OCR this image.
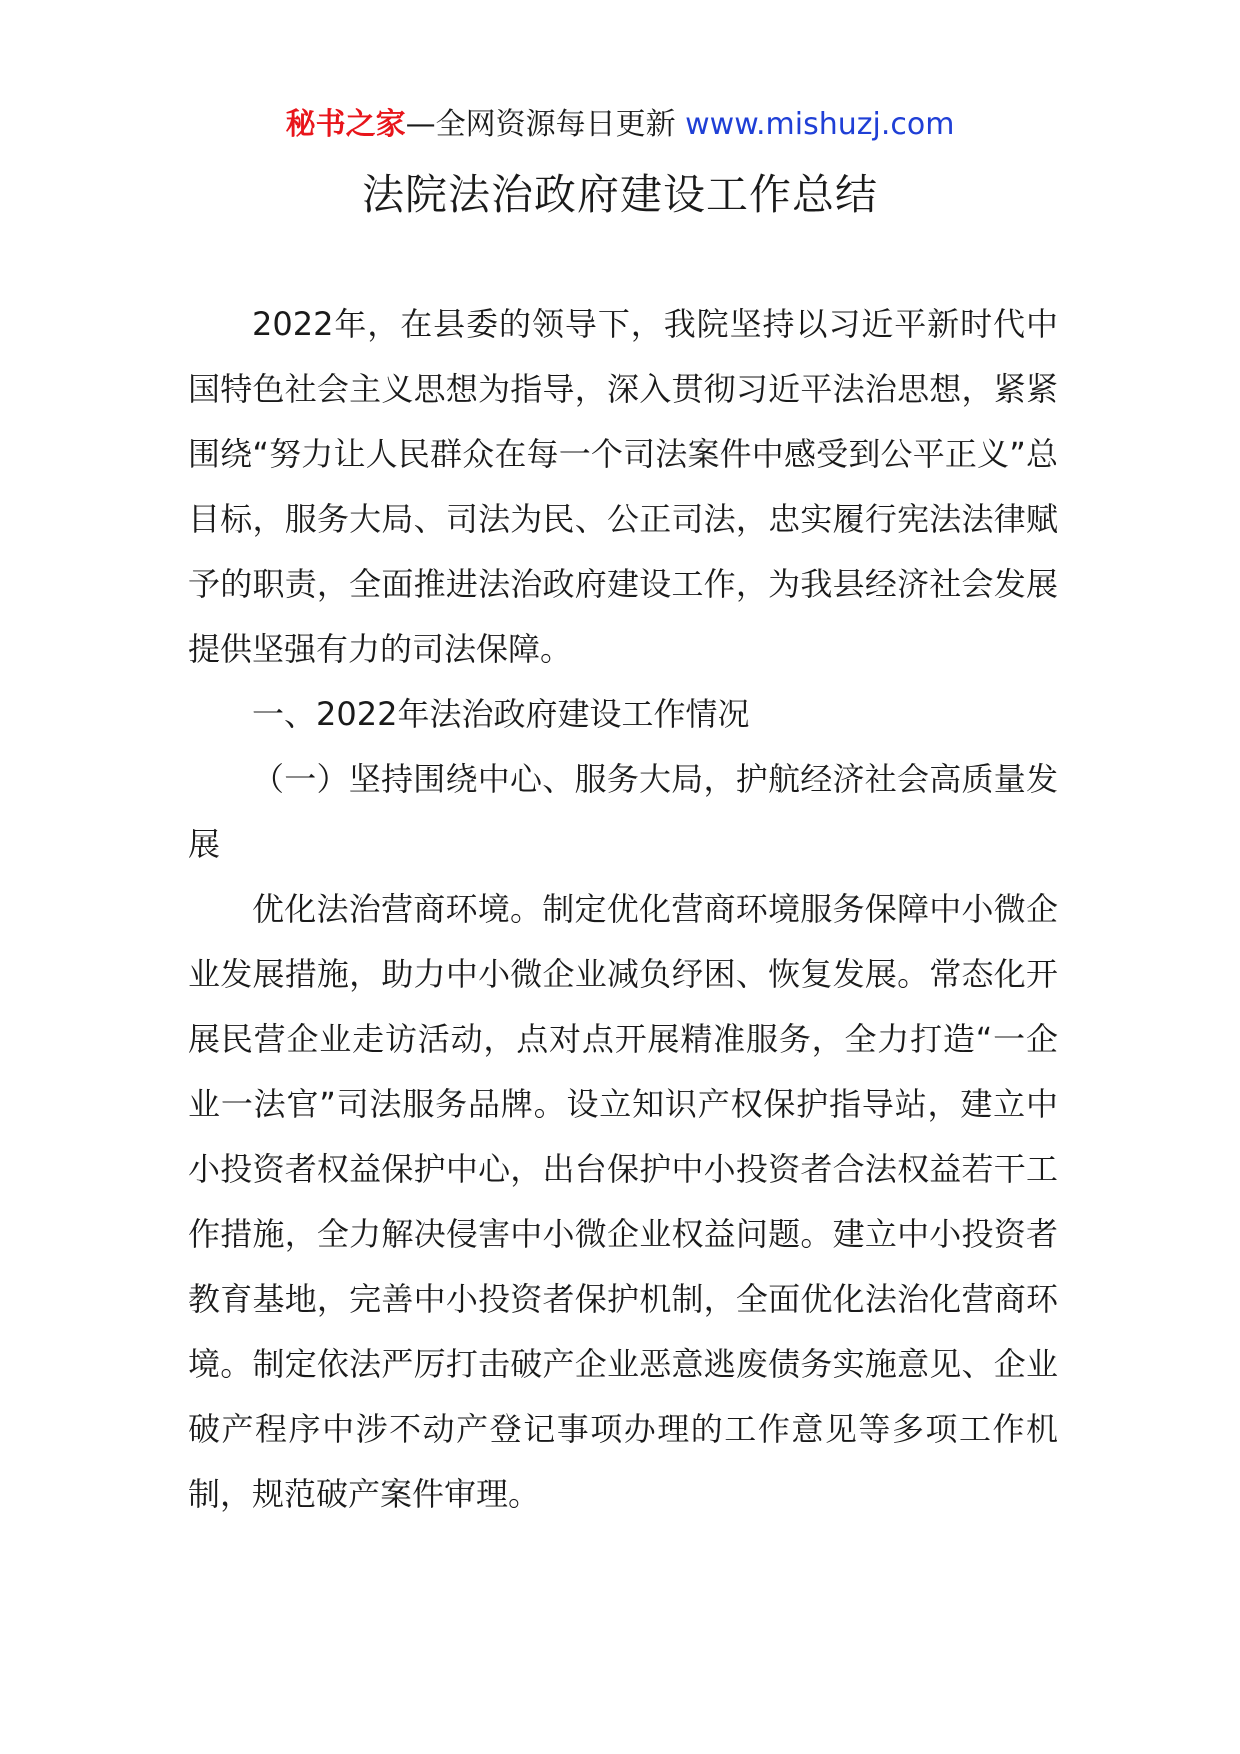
秘书之家—全网资源每日更新 www.mishuzj.com
法院法治政府建设工作总结

2022年，在县委的领导下，我院坚持以习近平新时代中国特色社会主义思想为指导，深入贯彻习近平法治思想，紧紧围绕“努力让人民群众在每一个司法案件中感受到公平正义”总目标，服务大局、司法为民、公正司法，忠实履行宪法法律赋予的职责，全面推进法治政府建设工作，为我县经济社会发展提供坚强有力的司法保障。

一、2022年法治政府建设工作情况

（一）坚持围绕中心、服务大局，护航经济社会高质量发展

优化法治营商环境。制定优化营商环境服务保障中小微企业发展措施，助力中小微企业减负纾困、恢复发展。常态化开展民营企业走访活动，点对点开展精准服务，全力打造“一企业一法官”司法服务品牌。设立知识产权保护指导站，建立中小投资者权益保护中心，出台保护中小投资者合法权益若干工作措施，全力解决侵害中小微企业权益问题。建立中小投资者教育基地，完善中小投资者保护机制，全面优化法治化营商环境。制定依法严厉打击破产企业恶意逃废债务实施意见、企业破产程序中涉不动产登记事项办理的工作意见等多项工作机制，规范破产案件审理。
